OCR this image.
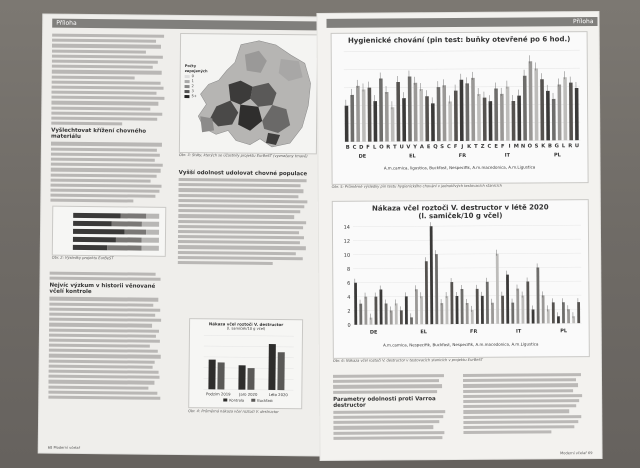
Příloha
Vyšlechtovat křížení chovného materiálu
Obr. 2: Výsledky projektu EurBeST
Nejvíc výzkum v historii věnované včelí kontrole
Počty zapojených
0
1
2
3
5+
Obr. 3: Státy, kterých se účastnily projektu EurBeST (vyznačeny tmavě)
Vyšší odolnost udolovat chovné populace
Nákaza včel roztoči V. destructor
(l. samiček/10 g včel)
Podzim 2019 Jaro 2020	Léto 2020
Kontrola	Buckfast
Obr. 4: Průměrná nákaza včel roztoči V. destructor
68 Moderní včelař
Příloha
Hygienické chování (pin test: buňky otevřené po 6 hod.)
B C D F L O R T U V Y A E Q S C F J K T Z C E F I M N O S K B G L R U
DE	EL	FR	IT	PL
A.m.carnica, ligustica, Buckfast, Nespecifik, A.m.macedonica, A.m.Ligustica
Obr. 5: Průměrné výsledky pin testu hygienického chování v jednotlivých testovacích stanicích
Nákaza včel roztoči V. destructor v létě 2020
(l. samiček/10 g včel)
0
2
4
6
8
10
12
14
DE	EL	FR	IT	PL
A.m.carnica, Nespecifik, Buckfast, Nespecifik, A.m.macedonica, A.m.Ligustica
Obr. 6: Nákaza včel roztoči V. destructor v testovacích stanicích v projektu EurBeST
Parametry odolnosti proti Varroa destructor
Moderní včelař 69
